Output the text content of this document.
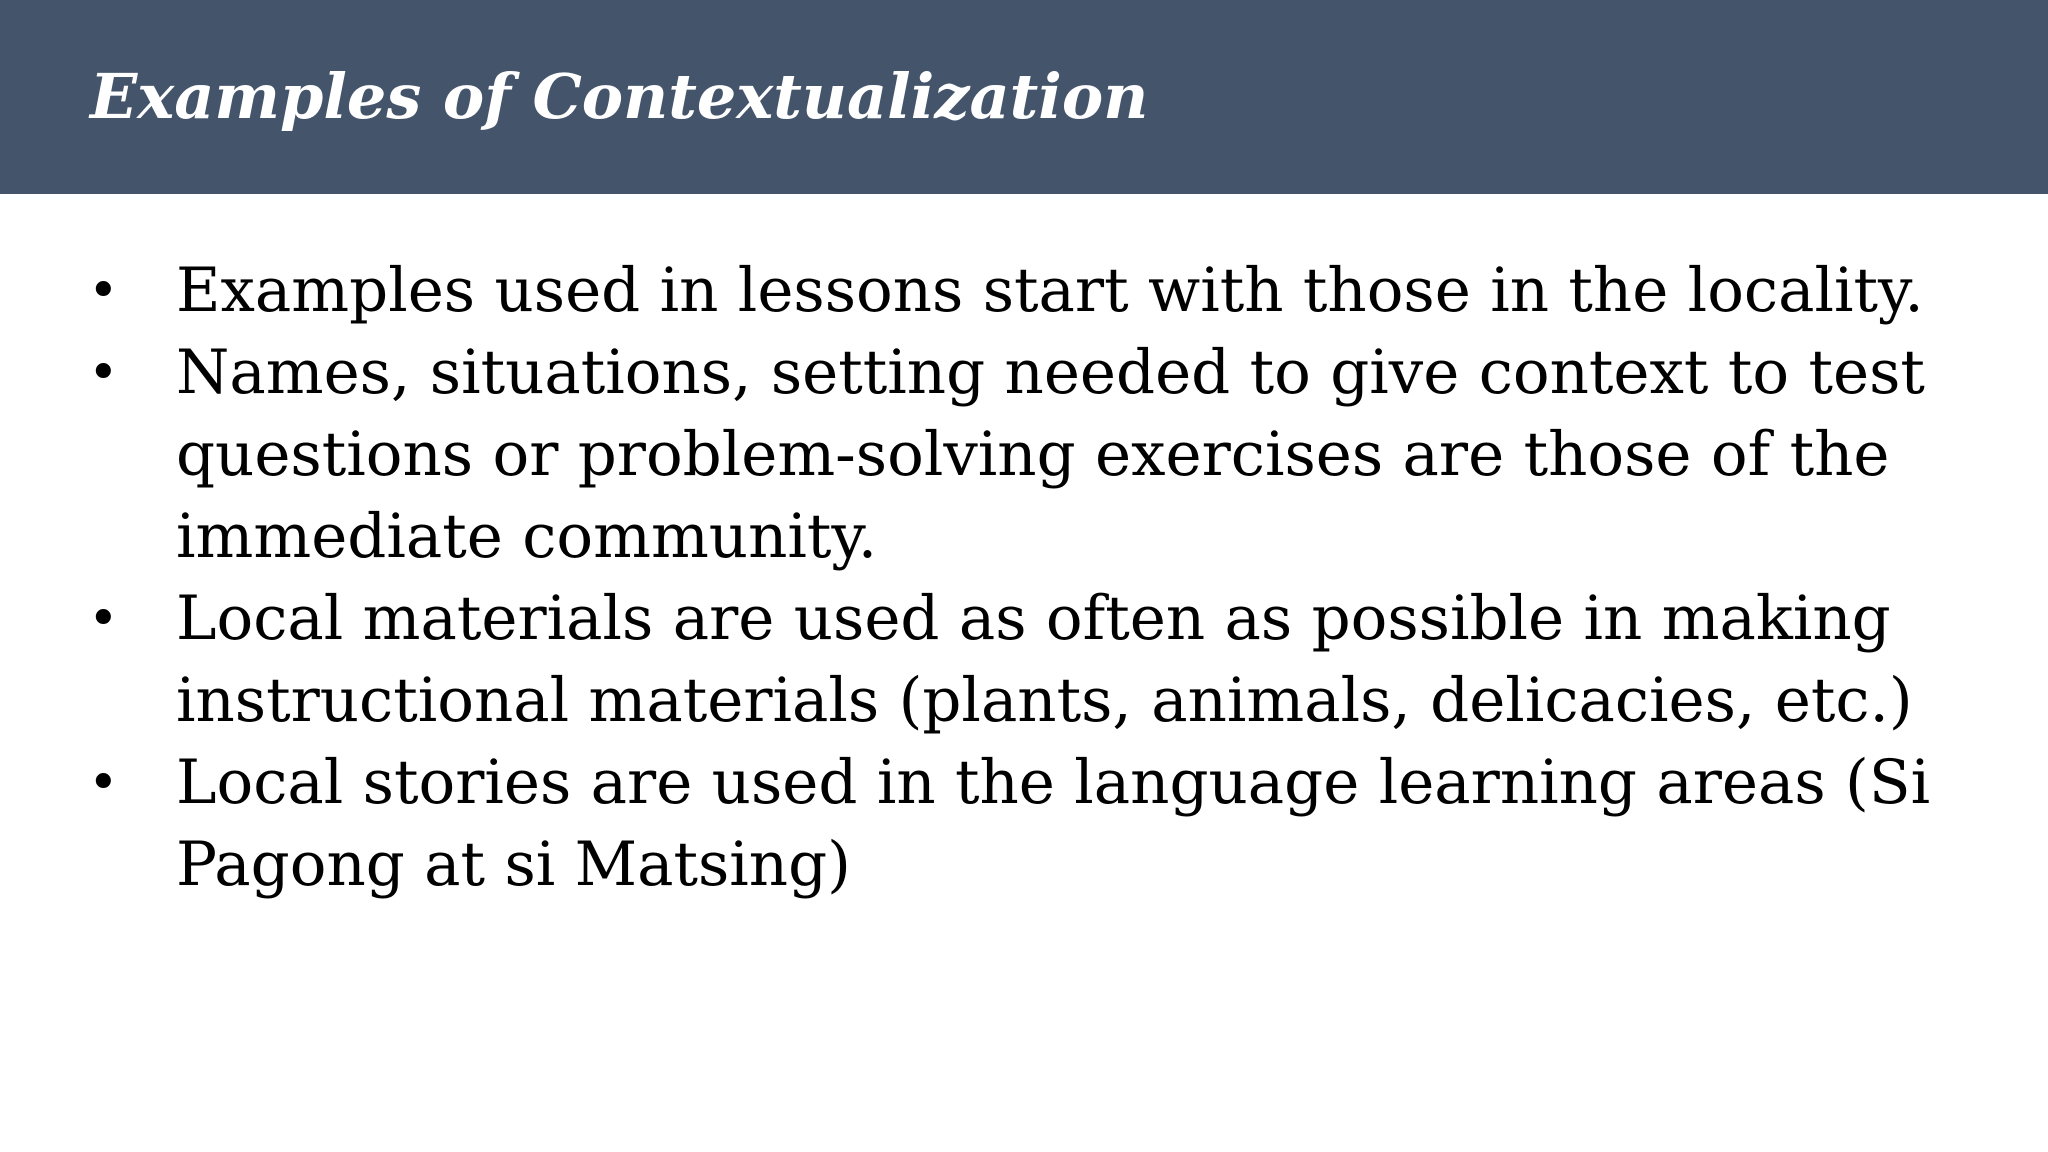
Examples of Contextualization
• Examples used in lessons start with those in the locality.
• Names, situations, setting needed to give context to test questions or problem-solving exercises are those of the immediate community.
• Local materials are used as often as possible in making instructional materials (plants, animals, delicacies, etc.)
• Local stories are used in the language learning areas (Si Pagong at si Matsing)
